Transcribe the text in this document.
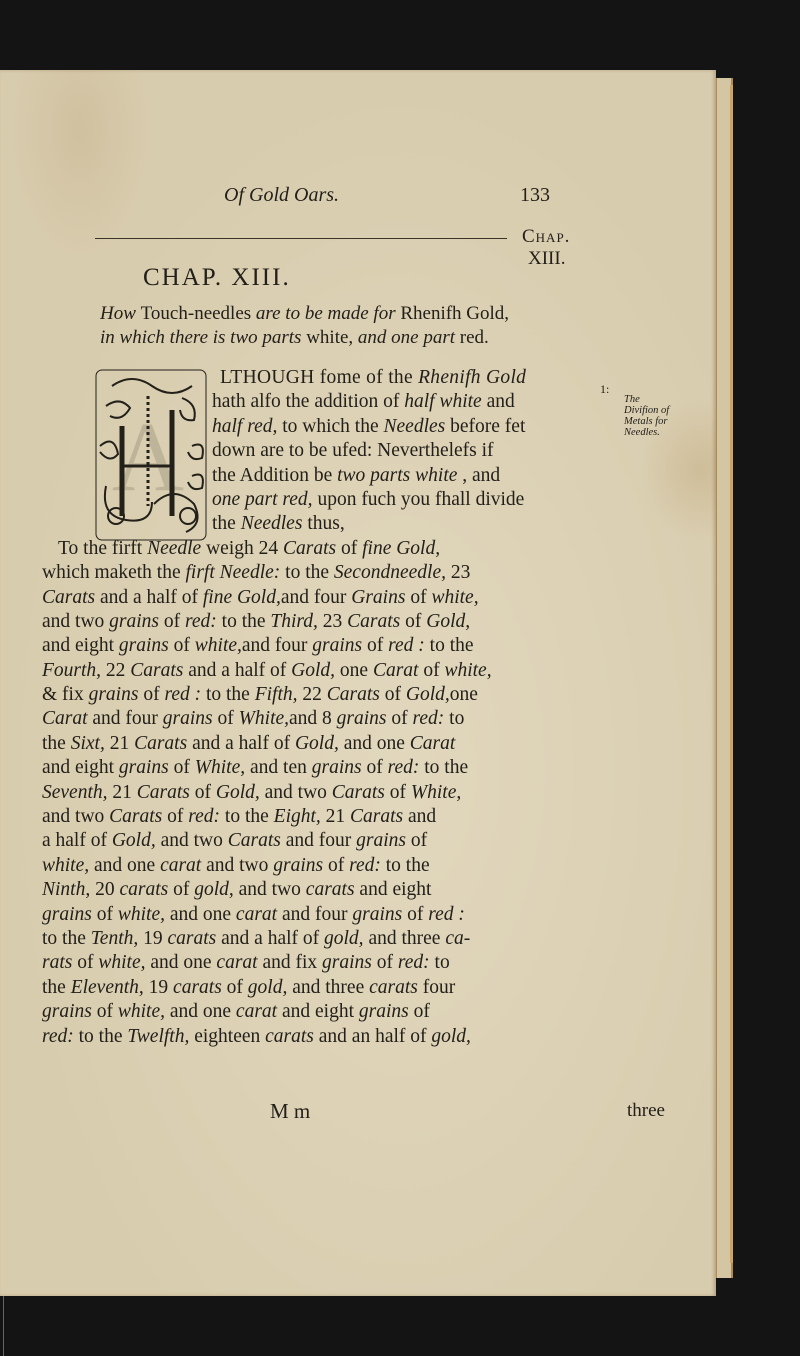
Of Gold Oars.	133
Chap.
XIII.
CHAP. XIII.
How Touch-needles are to be made for Rhenifh Gold,
in which there is two parts white, and one part red.
A
LTHOUGH fome of the Rhenifh Gold
hath alfo the addition of half white and
half red, to which the Needles before fet
down are to be ufed: Neverthelefs if
the Addition be two parts white , and
one part red, upon fuch you fhall divide
the Needles thus,
To the firft Needle weigh 24 Carats of fine Gold,
which maketh the firft Needle: to the Secondneedle, 23
Carats and a half of fine Gold,and four Grains of white,
and two grains of red: to the Third, 23 Carats of Gold,
and eight grains of white,and four grains of red : to the
Fourth, 22 Carats and a half of Gold, one Carat of white,
& fix grains of red : to the Fifth, 22 Carats of Gold,one
Carat and four grains of White,and 8 grains of red: to
the Sixt, 21 Carats and a half of Gold, and one Carat
and eight grains of White, and ten grains of red: to the
Seventh, 21 Carats of Gold, and two Carats of White,
and two Carats of red: to the Eight, 21 Carats and
a half of Gold, and two Carats and four grains of
white, and one carat and two grains of red: to the
Ninth, 20 carats of gold, and two carats and eight
grains of white, and one carat and four grains of red :
to the Tenth, 19 carats and a half of gold, and three ca-
rats of white, and one carat and fix grains of red: to
the Eleventh, 19 carats of gold, and three carats four
grains of white, and one carat and eight grains of
red: to the Twelfth, eighteen carats and an half of gold,
1:
The Divifion of Metals for Needles.
M m	three
